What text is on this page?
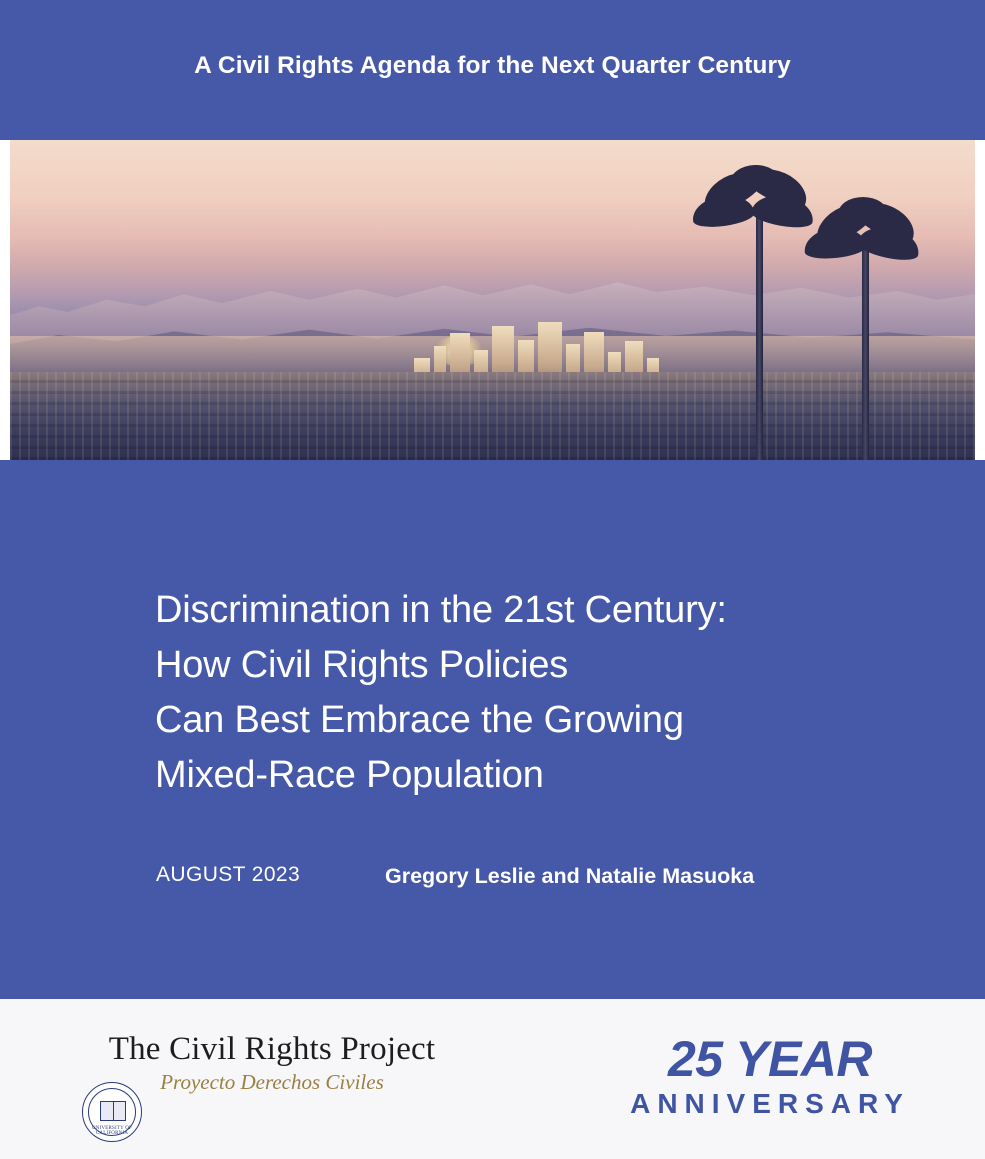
A Civil Rights Agenda for the Next Quarter Century
Discrimination in the 21st Century:
How Civil Rights Policies
Can Best Embrace the Growing
Mixed-Race Population
AUGUST 2023	Gregory Leslie and Natalie Masuoka
The Civil Rights Project
Proyecto Derechos Civiles
UNIVERSITY OF CALIFORNIA
25 YEAR
ANNIVERSARY
